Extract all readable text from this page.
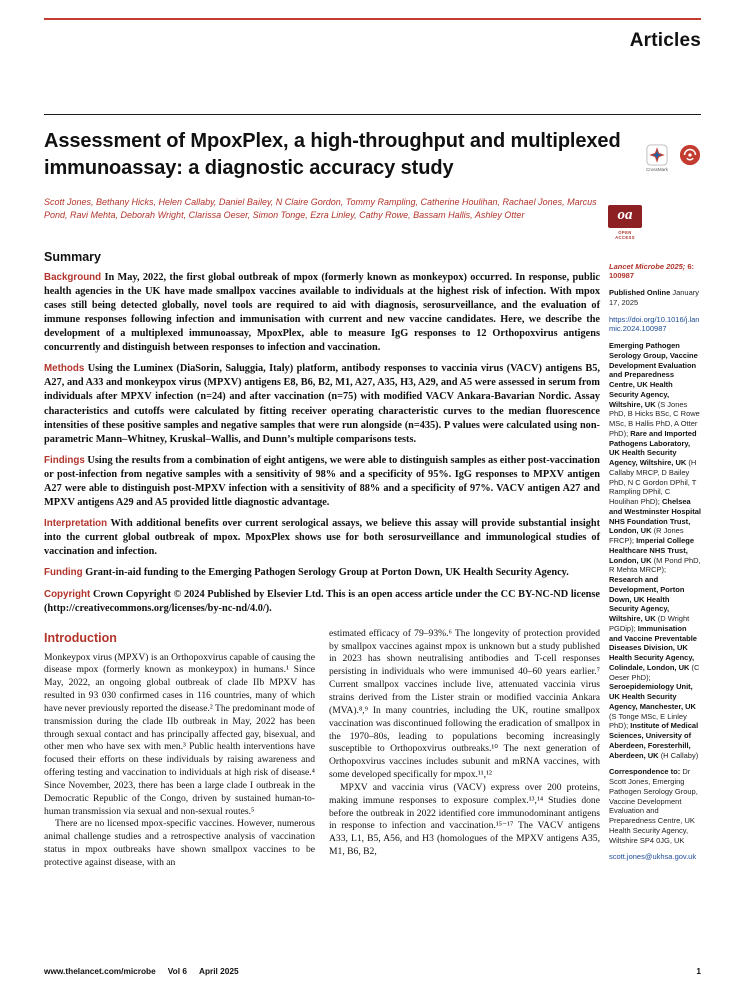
Articles
Assessment of MpoxPlex, a high-throughput and multiplexed immunoassay: a diagnostic accuracy study	CrossMark

Scott Jones, Bethany Hicks, Helen Callaby, Daniel Bailey, N Claire Gordon, Tommy Rampling, Catherine Houlihan, Rachael Jones, Marcus Pond, Ravi Mehta, Deborah Wright, Clarissa Oeser, Simon Tonge, Ezra Linley, Cathy Rowe, Bassam Hallis, Ashley Otter	oa
OPEN ACCESS
Summary

Background In May, 2022, the first global outbreak of mpox (formerly known as monkeypox) occurred. In response, public health agencies in the UK have made smallpox vaccines available to individuals at the highest risk of infection. With mpox cases still being detected globally, novel tools are required to aid with diagnosis, serosurveillance, and the evaluation of immune responses following infection and immunisation with current and new vaccine candidates. Here, we describe the development of a multiplexed immunoassay, MpoxPlex, able to measure IgG responses to 12 Orthopoxvirus antigens concurrently and distinguish between responses to infection and vaccination.

Methods Using the Luminex (DiaSorin, Saluggia, Italy) platform, antibody responses to vaccinia virus (VACV) antigens B5, A27, and A33 and monkeypox virus (MPXV) antigens E8, B6, B2, M1, A27, A35, H3, A29, and A5 were assessed in serum from individuals after MPXV infection (n=24) and after vaccination (n=75) with modified VACV Ankara-Bavarian Nordic. Assay characteristics and cutoffs were calculated by fitting receiver operating characteristic curves to the median fluorescence intensities of these positive samples and negative samples that were run alongside (n=435). P values were calculated using non-parametric Mann–Whitney, Kruskal–Wallis, and Dunn’s multiple comparisons tests.

Findings Using the results from a combination of eight antigens, we were able to distinguish samples as either post-vaccination or post-infection from negative samples with a sensitivity of 98% and a specificity of 95%. IgG responses to MPXV antigen A27 were able to distinguish post-MPXV infection with a sensitivity of 88% and a specificity of 97%. VACV antigen A27 and MPXV antigens A29 and A5 provided little diagnostic advantage.

Interpretation With additional benefits over current serological assays, we believe this assay will provide substantial insight into the current global outbreak of mpox. MpoxPlex shows use for both serosurveillance and immunological studies of vaccination and infection.

Funding Grant-in-aid funding to the Emerging Pathogen Serology Group at Porton Down, UK Health Security Agency.

Copyright Crown Copyright © 2024 Published by Elsevier Ltd. This is an open access article under the CC BY-NC-ND license (http://creativecommons.org/licenses/by-nc-nd/4.0/).

Introduction

Monkeypox virus (MPXV) is an Orthopoxvirus capable of causing the disease mpox (formerly known as monkeypox) in humans.¹ Since May, 2022, an ongoing global outbreak of clade IIb MPXV has resulted in 93 030 confirmed cases in 116 countries, many of which have never previously reported the disease.² The predominant mode of transmission during the clade IIb outbreak in May, 2022 has been through sexual contact and has principally affected gay, bisexual, and other men who have sex with men.³ Public health interventions have focused their efforts on these individuals by raising awareness and offering testing and vaccination to individuals at high risk of disease.⁴ Since November, 2023, there has been a large clade I outbreak in the Democratic Republic of the Congo, driven by sustained human-to-human transmission via sexual and non-sexual routes.⁵

There are no licensed mpox-specific vaccines. However, numerous animal challenge studies and a retrospective analysis of vaccination status in mpox outbreaks have shown smallpox vaccines to be protective against disease, with an

estimated efficacy of 79–93%.⁶ The longevity of protection provided by smallpox vaccines against mpox is unknown but a study published in 2023 has shown neutralising antibodies and T-cell responses persisting in individuals who were immunised 40–60 years earlier.⁷ Current smallpox vaccines include live, attenuated vaccinia virus strains derived from the Lister strain or modified vaccinia Ankara (MVA).⁸,⁹ In many countries, including the UK, routine smallpox vaccination was discontinued following the eradication of smallpox in the 1970–80s, leading to populations becoming increasingly susceptible to Orthopoxvirus outbreaks.¹⁰ The next generation of Orthopoxvirus vaccines includes subunit and mRNA vaccines, with some developed specifically for mpox.¹¹,¹²

MPXV and vaccinia virus (VACV) express over 200 proteins, making immune responses to exposure complex.¹³,¹⁴ Studies done before the outbreak in 2022 identified core immunodominant antigens in response to infection and vaccination.¹⁵⁻¹⁷ The VACV antigens A33, L1, B5, A56, and H3 (homologues of the MPXV antigens A35, M1, B6, B2,

Lancet Microbe 2025; 6: 100987

Published Online January 17, 2025

https://doi.org/10.1016/j.lanmic.2024.100987

Emerging Pathogen Serology Group, Vaccine Development Evaluation and Preparedness Centre, UK Health Security Agency, Wiltshire, UK (S Jones PhD, B Hicks BSc, C Rowe MSc, B Hallis PhD, A Otter PhD); Rare and Imported Pathogens Laboratory, UK Health Security Agency, Wiltshire, UK (H Callaby MRCP, D Bailey PhD, N C Gordon DPhil, T Rampling DPhil, C Houlihan PhD); Chelsea and Westminster Hospital NHS Foundation Trust, London, UK (R Jones FRCP); Imperial College Healthcare NHS Trust, London, UK (M Pond PhD, R Mehta MRCP); Research and Development, Porton Down, UK Health Security Agency, Wiltshire, UK (D Wright PGDip); Immunisation and Vaccine Preventable Diseases Division, UK Health Security Agency, Colindale, London, UK (C Oeser PhD); Seroepidemiology Unit, UK Health Security Agency, Manchester, UK (S Tonge MSc, E Linley PhD); Institute of Medical Sciences, University of Aberdeen, Foresterhill, Aberdeen, UK (H Callaby)

Correspondence to: Dr Scott Jones, Emerging Pathogen Serology Group, Vaccine Development Evaluation and Preparedness Centre, UK Health Security Agency, Wiltshire SP4 0JG, UK

scott.jones@ukhsa.gov.uk

www.thelancet.com/microbe Vol 6 April 2025	1
